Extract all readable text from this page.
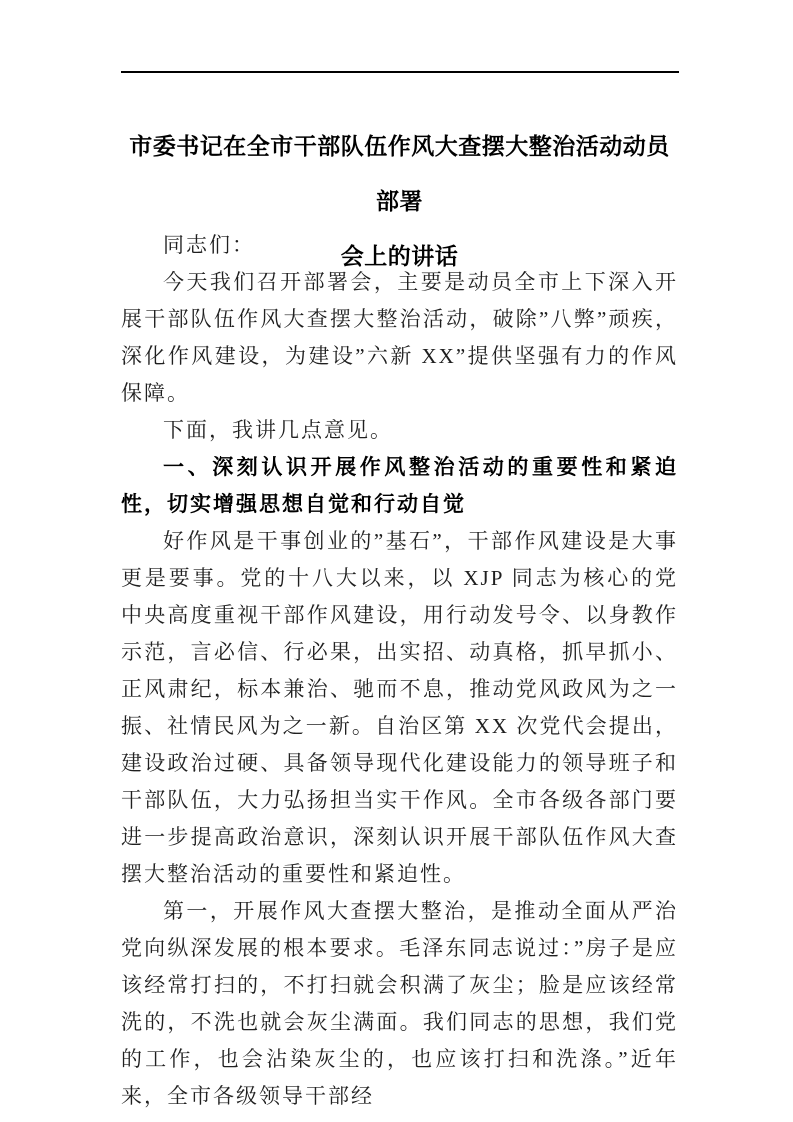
市委书记在全市干部队伍作风大查摆大整治活动动员部署
会上的讲话

同志们：

今天我们召开部署会，主要是动员全市上下深入开展干部队伍作风大查摆大整治活动，破除”八弊”顽疾，深化作风建设，为建设”六新 XX”提供坚强有力的作风保障。

下面，我讲几点意见。

一、深刻认识开展作风整治活动的重要性和紧迫性，切实增强思想自觉和行动自觉

好作风是干事创业的”基石”，干部作风建设是大事更是要事。党的十八大以来，以 XJP 同志为核心的党中央高度重视干部作风建设，用行动发号令、以身教作示范，言必信、行必果，出实招、动真格，抓早抓小、正风肃纪，标本兼治、驰而不息，推动党风政风为之一振、社情民风为之一新。自治区第 XX 次党代会提出，建设政治过硬、具备领导现代化建设能力的领导班子和干部队伍，大力弘扬担当实干作风。全市各级各部门要进一步提高政治意识，深刻认识开展干部队伍作风大查摆大整治活动的重要性和紧迫性。

第一，开展作风大查摆大整治，是推动全面从严治党向纵深发展的根本要求。毛泽东同志说过：”房子是应该经常打扫的，不打扫就会积满了灰尘；脸是应该经常洗的，不洗也就会灰尘满面。我们同志的思想，我们党的工作，也会沾染灰尘的，也应该打扫和洗涤。”近年来，全市各级领导干部经
